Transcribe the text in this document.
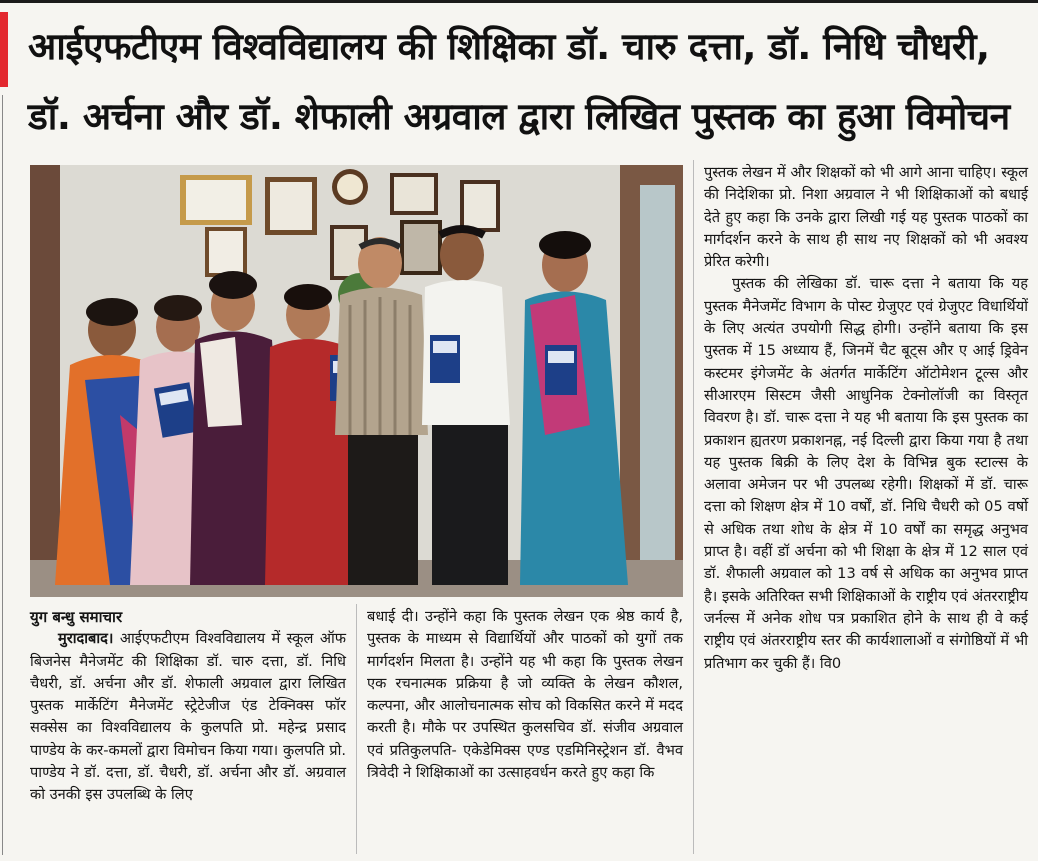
आईएफटीएम विश्वविद्यालय की शिक्षिका डॉ. चारु दत्ता, डॉ. निधि चौधरी,
डॉ. अर्चना और डॉ. शेफाली अग्रवाल द्वारा लिखित पुस्तक का हुआ विमोचन

पुस्तक लेखन में और शिक्षकों को भी आगे आना चाहिए। स्कूल की निदेशिका प्रो. निशा अग्रवाल ने भी शिक्षिकाओं को बधाई देते हुए कहा कि उनके द्वारा लिखी गई यह पुस्तक पाठकों का मार्गदर्शन करने के साथ ही साथ नए शिक्षकों को भी अवश्य प्रेरित करेगी।

पुस्तक की लेखिका डॉ. चारू दत्ता ने बताया कि यह पुस्तक मैनेजमेंट विभाग के पोस्ट ग्रेजुएट एवं ग्रेजुएट विधार्थियों के लिए अत्यंत उपयोगी सिद्ध होगी। उन्होंने बताया कि इस पुस्तक में 15 अध्याय हैं, जिनमें चैट बूट्स और ए आई ड्रिवेन कस्टमर इंगेजमेंट के अंतर्गत मार्केटिंग ऑटोमेशन टूल्स और सीआरएम सिस्टम जैसी आधुनिक टेक्नोलॉजी का विस्तृत विवरण है। डॉ. चारू दत्ता ने यह भी बताया कि इस पुस्तक का प्रकाशन ह्यतरण प्रकाशनह्न, नई दिल्ली द्वारा किया गया है तथा यह पुस्तक बिक्री के लिए देश के विभिन्न बुक स्टाल्स के अलावा अमेजन पर भी उपलब्ध रहेगी। शिक्षकों में डॉ. चारू दत्ता को शिक्षण क्षेत्र में 10 वर्षों, डॉ. निधि चैधरी को 05 वर्षो से अधिक तथा शोध के क्षेत्र में 10 वर्षों का समृद्ध अनुभव प्राप्त है। वहीं डॉ अर्चना को भी शिक्षा के क्षेत्र में 12 साल एवं डॉ. शैफाली अग्रवाल को 13 वर्ष से अधिक का अनुभव प्राप्त है। इसके अतिरिक्त सभी शिक्षिकाओं के राष्ट्रीय एवं अंतरराष्ट्रीय जर्नल्स में अनेक शोध पत्र प्रकाशित होने के साथ ही वे कई राष्ट्रीय एवं अंतरराष्ट्रीय स्तर की कार्यशालाओं व संगोष्ठियों में भी प्रतिभाग कर चुकी हैं। वि0

युग बन्धु समाचार

मुरादाबाद। आईएफटीएम विश्वविद्यालय में स्कूल ऑफ बिजनेस मैनेजमेंट की शिक्षिका डॉ. चारु दत्ता, डॉ. निधि चैधरी, डॉ. अर्चना और डॉ. शेफाली अग्रवाल द्वारा लिखित पुस्तक मार्केटिंग मैनेजमेंट स्ट्रेटेजीज एंड टेक्निक्स फॉर सक्सेस का विश्वविद्यालय के कुलपति प्रो. महेन्द्र प्रसाद पाण्डेय के कर-कमलों द्वारा विमोचन किया गया। कुलपति प्रो. पाण्डेय ने डॉ. दत्ता, डॉ. चैधरी, डॉ. अर्चना और डॉ. अग्रवाल को उनकी इस उपलब्धि के लिए

बधाई दी। उन्होंने कहा कि पुस्तक लेखन एक श्रेष्ठ कार्य है, पुस्तक के माध्यम से विद्यार्थियों और पाठकों को युगों तक मार्गदर्शन मिलता है। उन्होंने यह भी कहा कि पुस्तक लेखन एक रचनात्मक प्रक्रिया है जो व्यक्ति के लेखन कौशल, कल्पना, और आलोचनात्मक सोच को विकसित करने में मदद करती है। मौके पर उपस्थित कुलसचिव डॉ. संजीव अग्रवाल एवं प्रतिकुलपति- एकेडेमिक्स एण्ड एडमिनिस्ट्रेशन डॉ. वैभव त्रिवेदी ने शिक्षिकाओं का उत्साहवर्धन करते हुए कहा कि
